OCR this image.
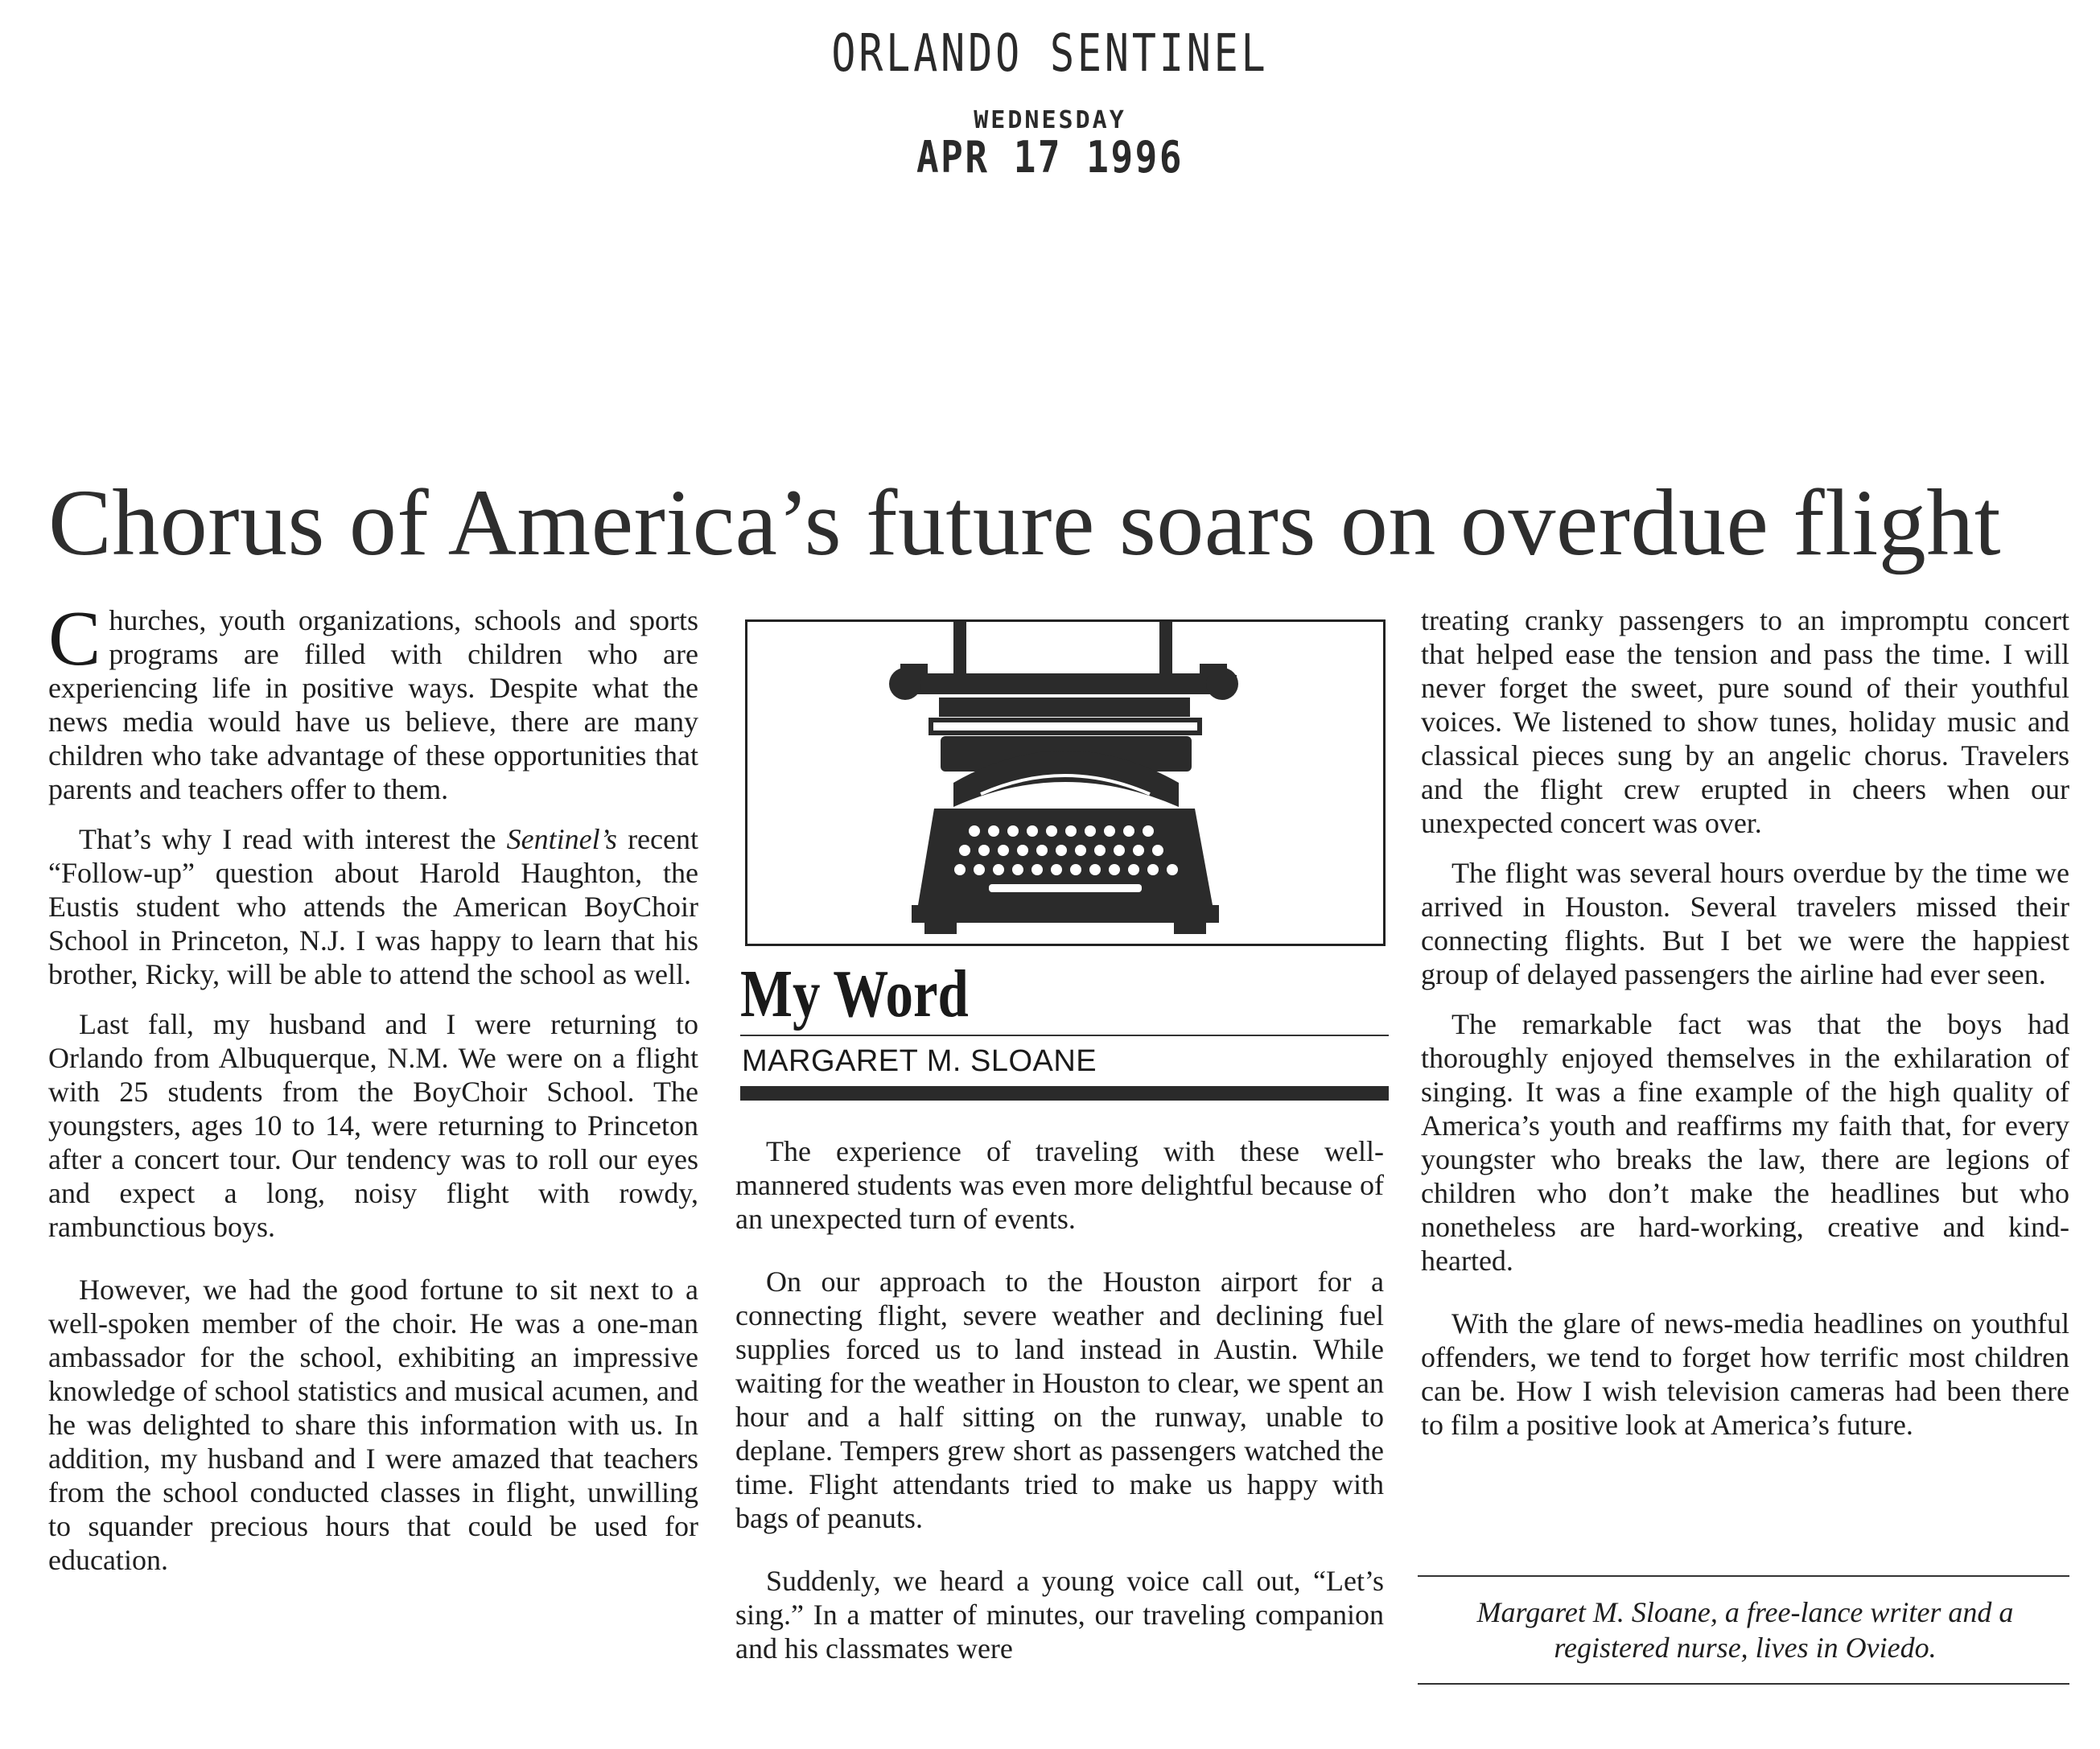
ORLANDO SENTINEL
WEDNESDAY
APR 17 1996
Chorus of America’s future soars on overdue flight

Churches, youth organizations, schools and sports programs are filled with children who are experiencing life in positive ways. Despite what the news media would have us believe, there are many children who take advantage of these opportunities that parents and teachers offer to them.

That’s why I read with interest the Sentinel’s recent “Follow-up” question about Harold Haughton, the Eustis student who attends the American BoyChoir School in Princeton, N.J. I was happy to learn that his brother, Ricky, will be able to attend the school as well.

Last fall, my husband and I were returning to Orlando from Albuquerque, N.M. We were on a flight with 25 students from the BoyChoir School. The youngsters, ages 10 to 14, were returning to Princeton after a concert tour. Our tendency was to roll our eyes and expect a long, noisy flight with rowdy, rambunctious boys.

However, we had the good fortune to sit next to a well-spoken member of the choir. He was a one-man ambassador for the school, exhibiting an impressive knowledge of school statistics and musical acumen, and he was delighted to share this information with us. In addition, my husband and I were amazed that teachers from the school conducted classes in flight, unwilling to squander precious hours that could be used for education.

My Word
MARGARET M. SLOANE

The experience of traveling with these well-mannered students was even more delightful because of an unexpected turn of events.

On our approach to the Houston airport for a connecting flight, severe weather and declining fuel supplies forced us to land instead in Austin. While waiting for the weather in Houston to clear, we spent an hour and a half sitting on the runway, unable to deplane. Tempers grew short as passengers watched the time. Flight attendants tried to make us happy with bags of peanuts.

Suddenly, we heard a young voice call out, “Let’s sing.” In a matter of minutes, our traveling companion and his classmates were

treating cranky passengers to an impromptu concert that helped ease the tension and pass the time. I will never forget the sweet, pure sound of their youthful voices. We listened to show tunes, holiday music and classical pieces sung by an angelic chorus. Travelers and the flight crew erupted in cheers when our unexpected concert was over.

The flight was several hours overdue by the time we arrived in Houston. Several travelers missed their connecting flights. But I bet we were the happiest group of delayed passengers the airline had ever seen.

The remarkable fact was that the boys had thoroughly enjoyed themselves in the exhilaration of singing. It was a fine example of the high quality of America’s youth and reaffirms my faith that, for every youngster who breaks the law, there are legions of children who don’t make the headlines but who nonetheless are hard-working, creative and kind-hearted.

With the glare of news-media headlines on youthful offenders, we tend to forget how terrific most children can be. How I wish television cameras had been there to film a positive look at America’s future.

Margaret M. Sloane, a free-lance writer and a registered nurse, lives in Oviedo.
